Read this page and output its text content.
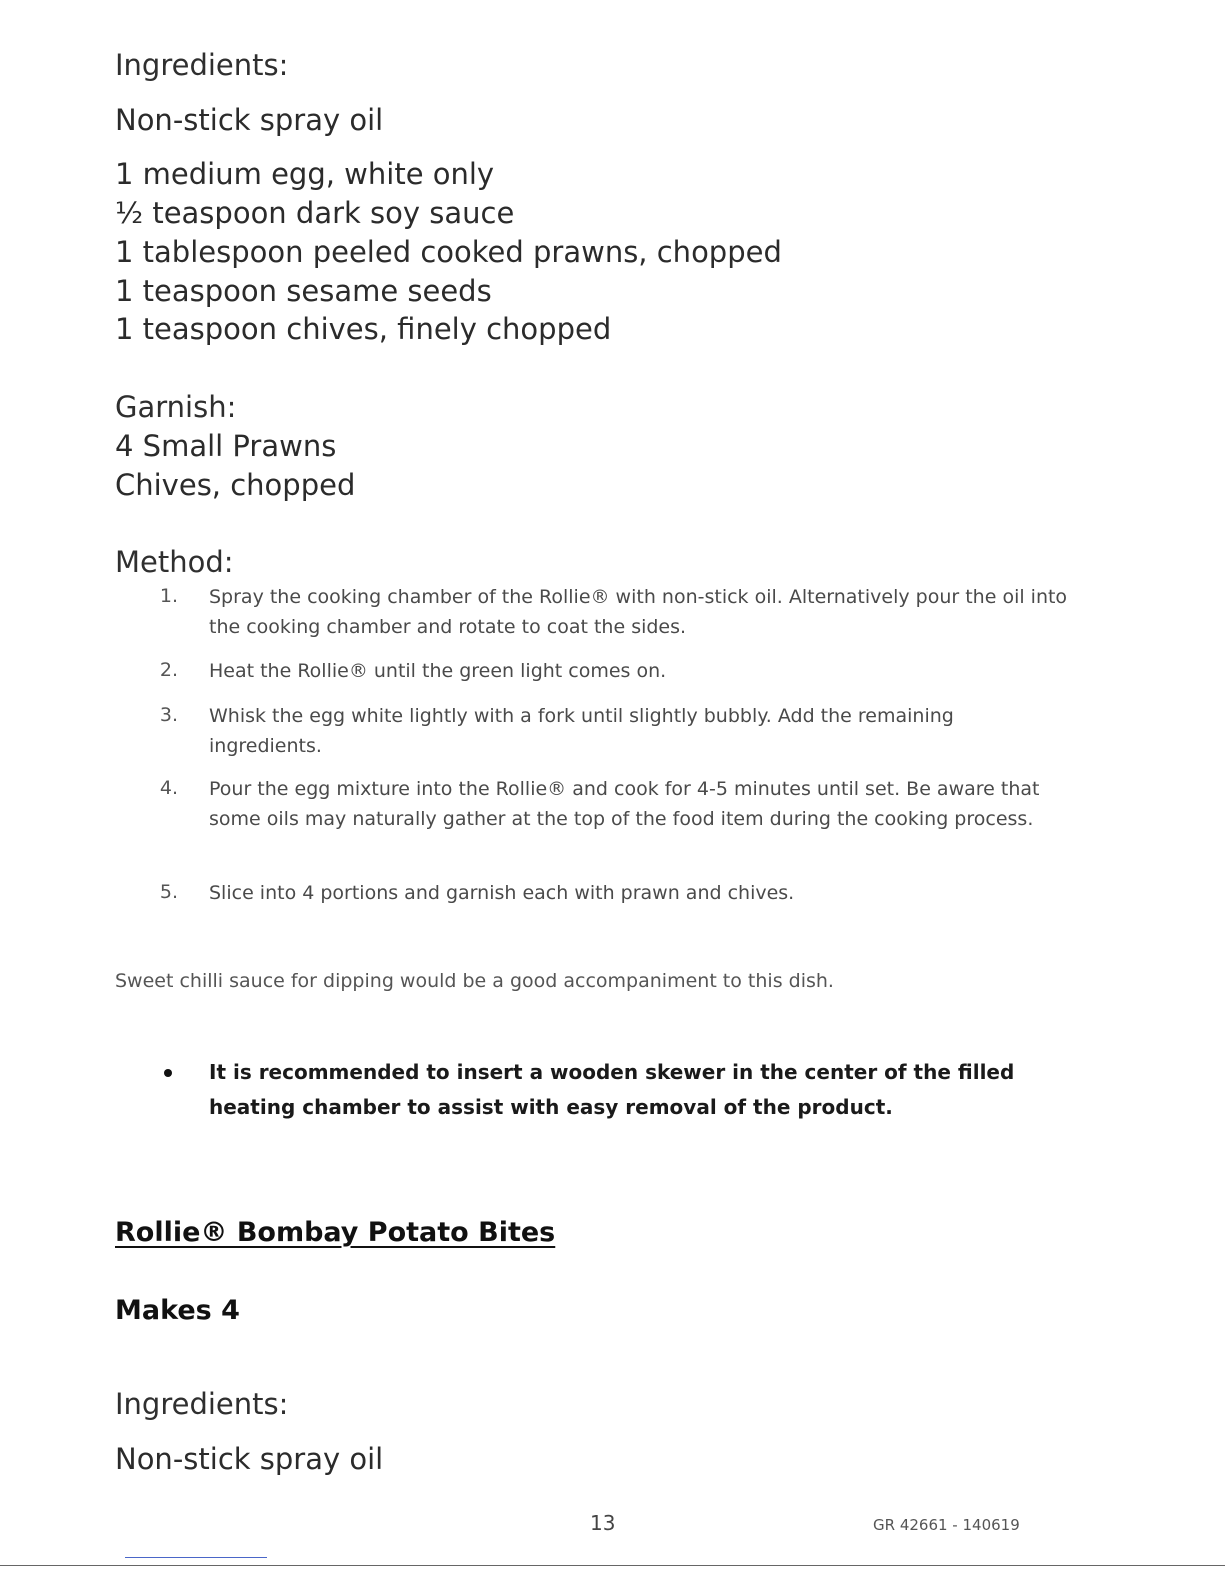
Ingredients:
Non-stick spray oil
1 medium egg, white only
½ teaspoon dark soy sauce
1 tablespoon peeled cooked prawns, chopped
1 teaspoon sesame seeds
1 teaspoon chives, finely chopped
Garnish:
4 Small Prawns
Chives, chopped
Method:
1. Spray the cooking chamber of the Rollie® with non-stick oil. Alternatively pour the oil into the cooking chamber and rotate to coat the sides.
2. Heat the Rollie® until the green light comes on.
3. Whisk the egg white lightly with a fork until slightly bubbly. Add the remaining ingredients.
4. Pour the egg mixture into the Rollie® and cook for 4-5 minutes until set. Be aware that some oils may naturally gather at the top of the food item during the cooking process.
5. Slice into 4 portions and garnish each with prawn and chives.
Sweet chilli sauce for dipping would be a good accompaniment to this dish.
It is recommended to insert a wooden skewer in the center of the filled heating chamber to assist with easy removal of the product.
Rollie® Bombay Potato Bites
Makes 4
Ingredients:
Non-stick spray oil
13	GR 42661 - 140619
